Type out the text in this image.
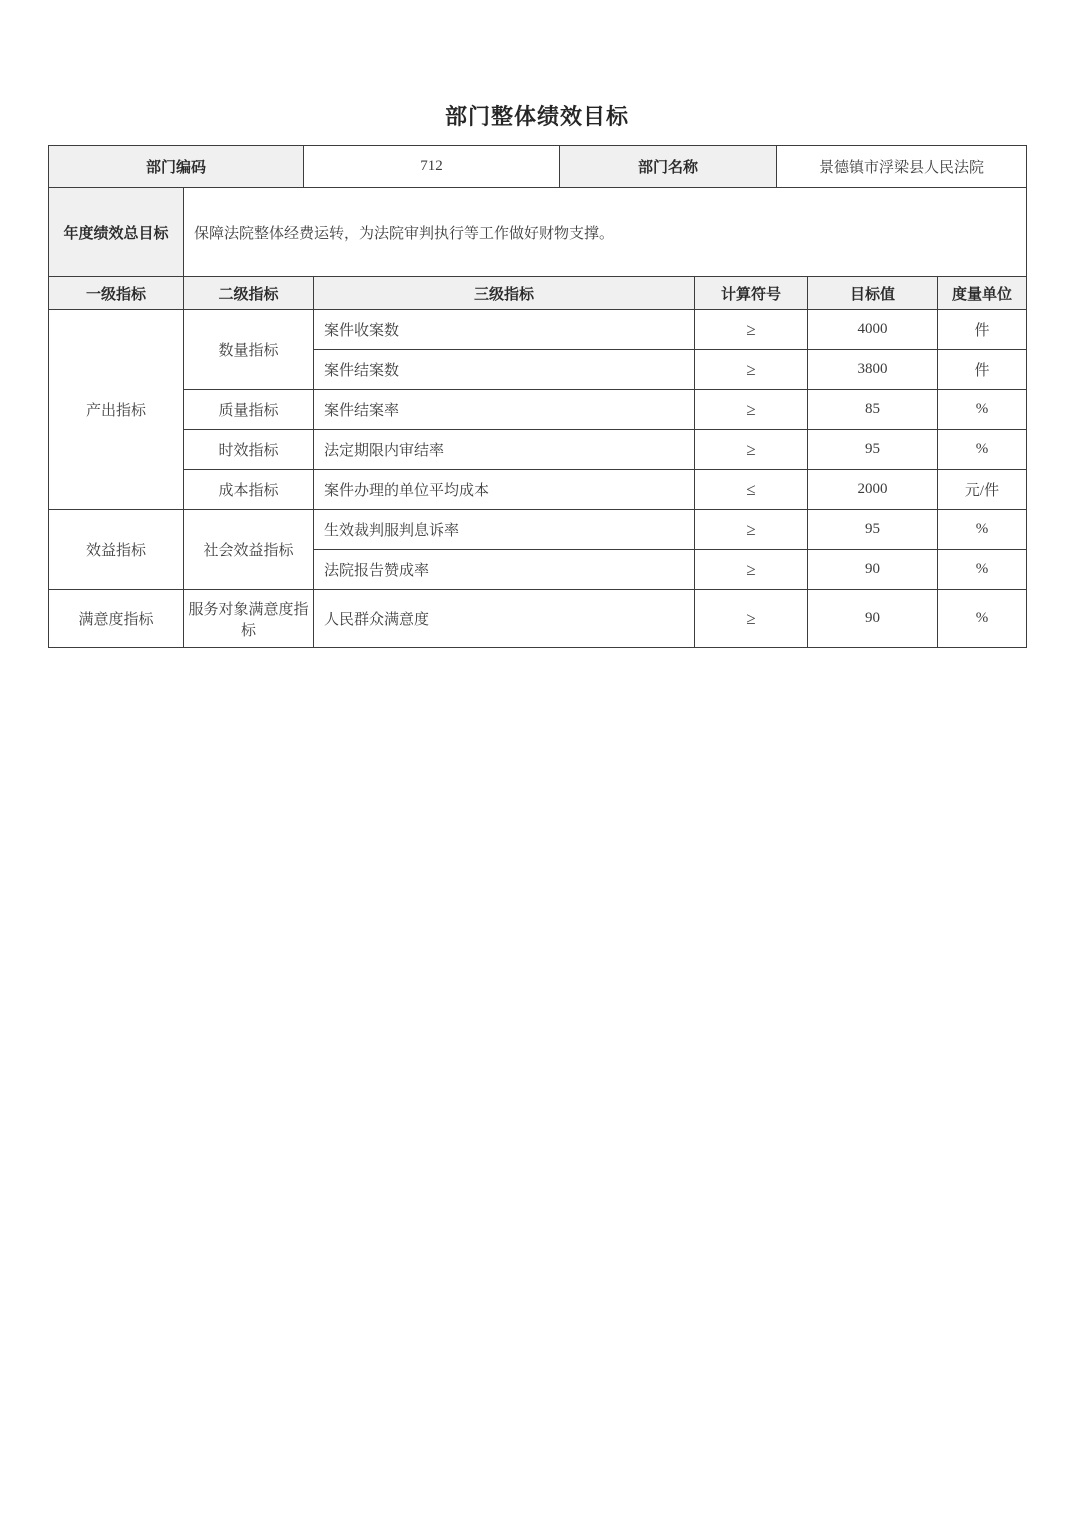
部门整体绩效目标
部门编码	712	部门名称	景德镇市浮梁县人民法院
年度绩效总目标	保障法院整体经费运转，为法院审判执行等工作做好财物支撑。
一级指标	二级指标	三级指标	计算符号	目标值	度量单位
产出指标	数量指标	案件收案数	≥	4000	件
		案件结案数	≥	3800	件
	质量指标	案件结案率	≥	85	%
	时效指标	法定期限内审结率	≥	95	%
	成本指标	案件办理的单位平均成本	≤	2000	元/件
效益指标	社会效益指标	生效裁判服判息诉率	≥	95	%
		法院报告赞成率	≥	90	%
满意度指标	服务对象满意度指标	人民群众满意度	≥	90	%
